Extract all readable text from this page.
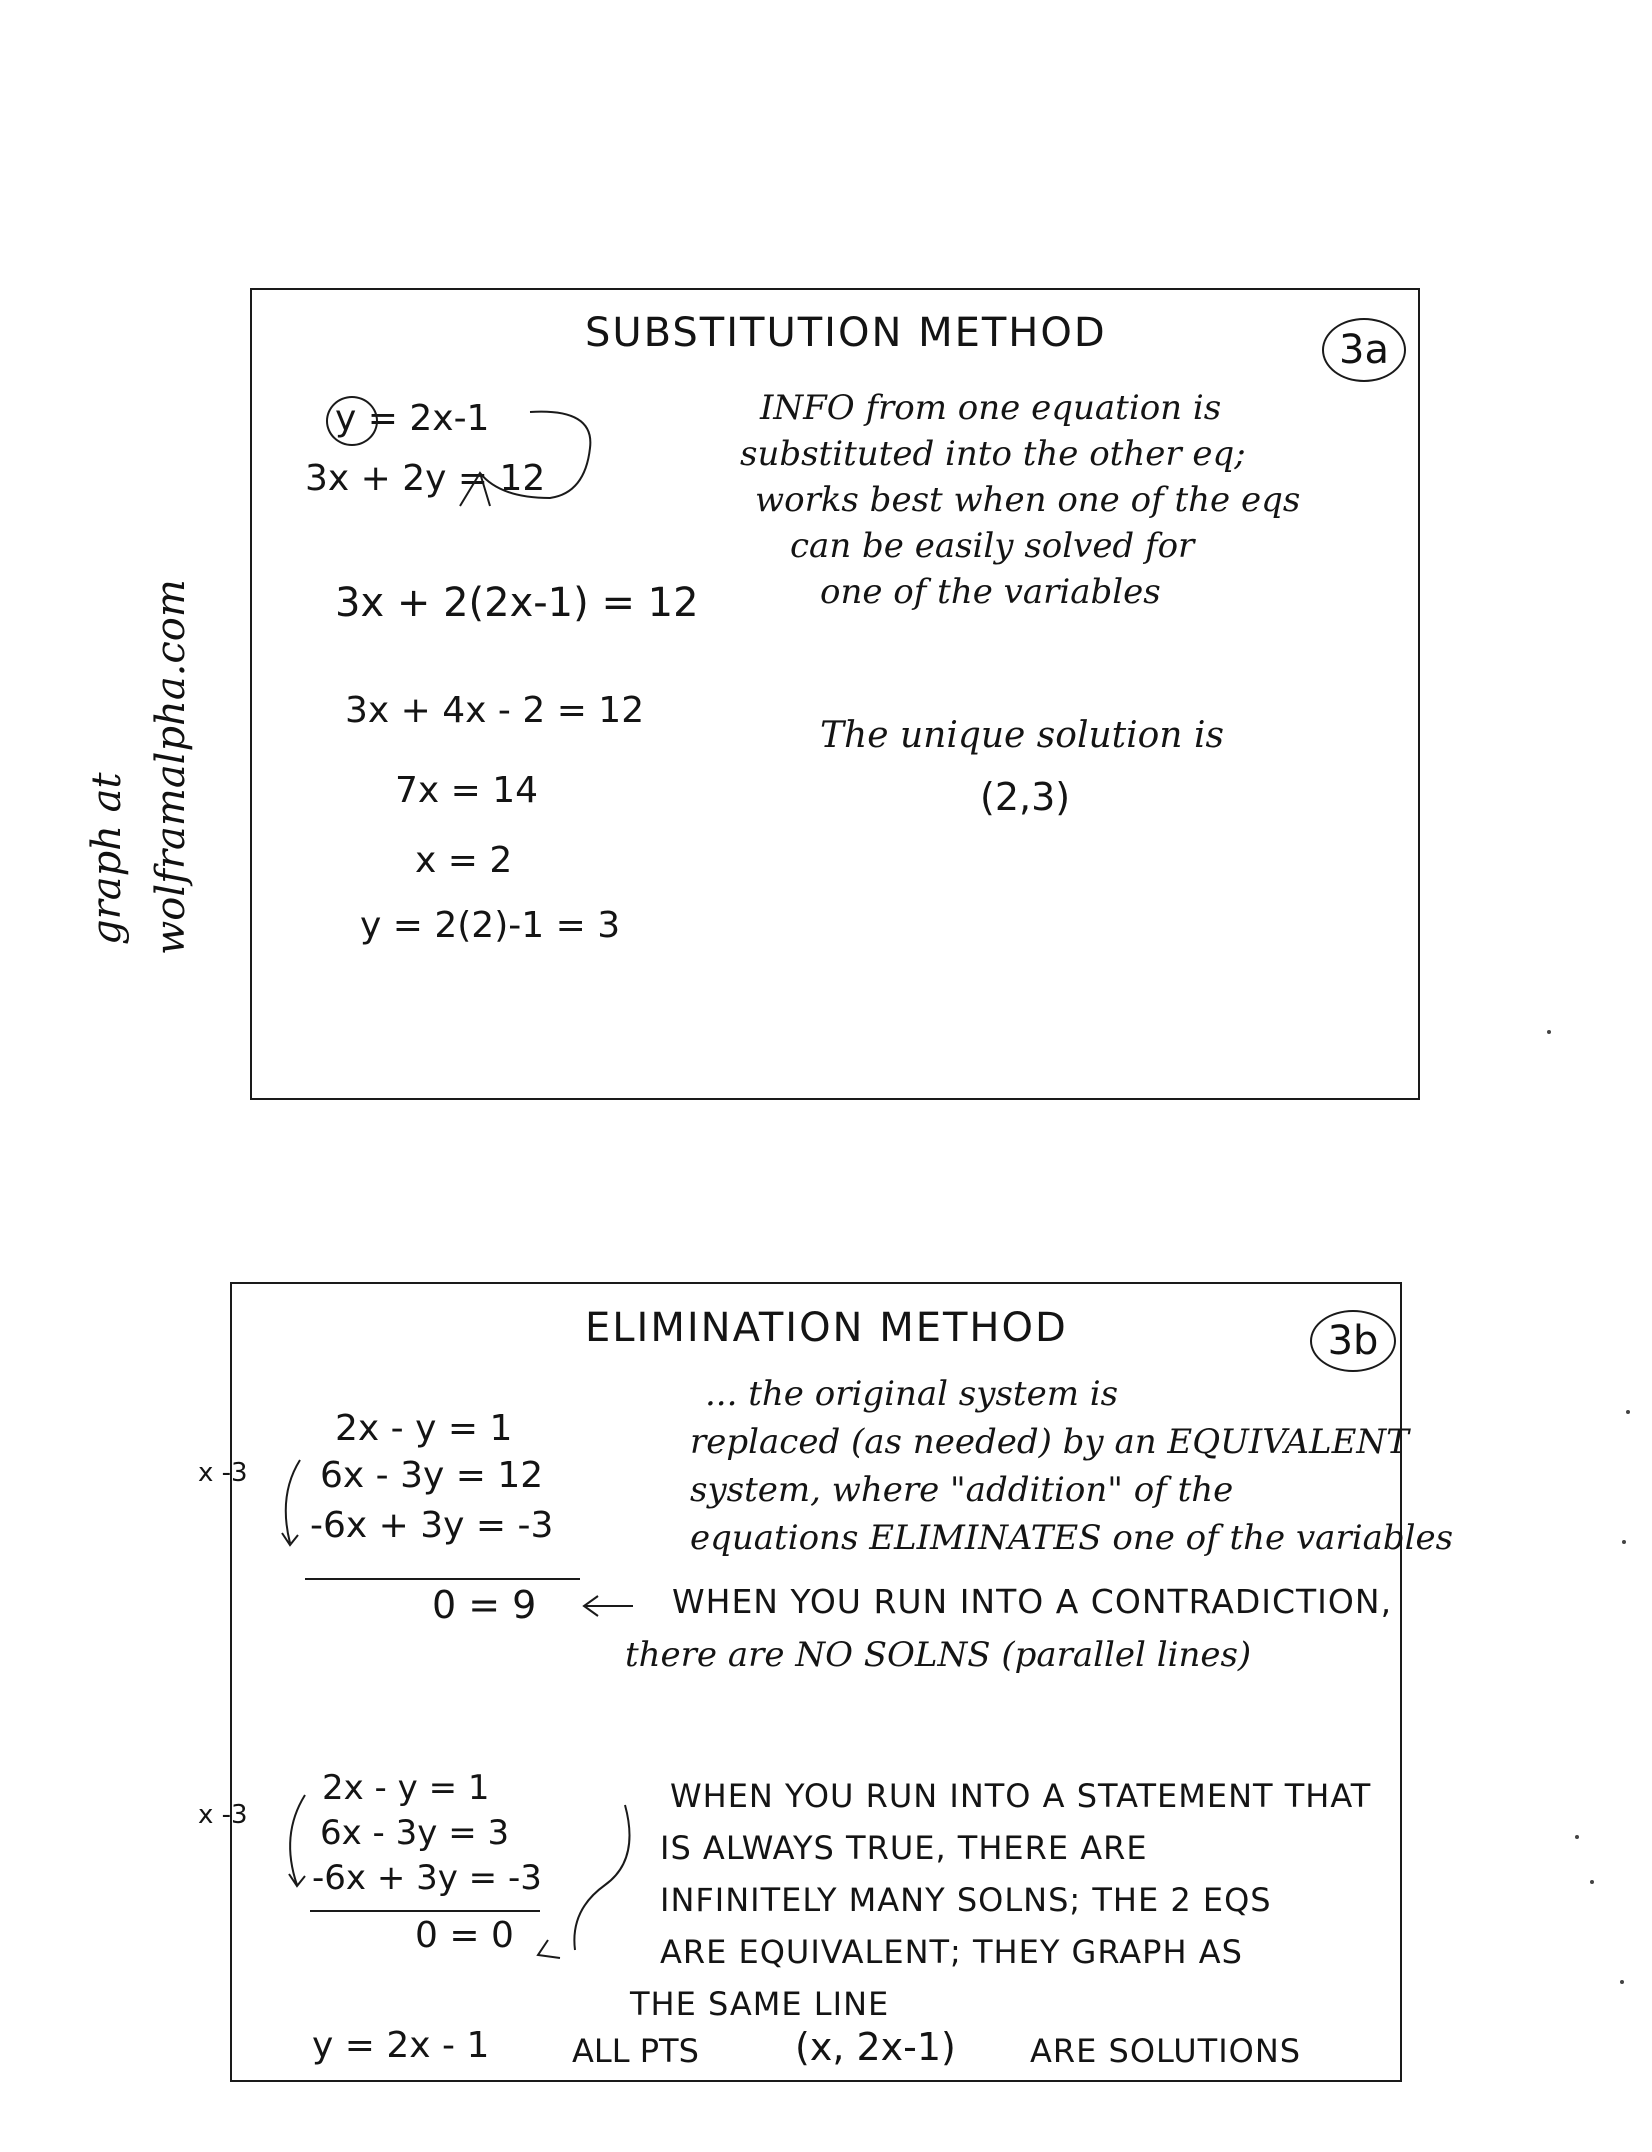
graph at wolframalpha.com
SUBSTITUTION METHOD	3a
y = 2x-1
3x + 2y = 12
INFO from one equation is
substituted into the other eq;
works best when one of the eqs
can be easily solved for
one of the variables
3x + 2(2x-1) = 12
3x + 4x - 2 = 12
7x = 14
x = 2
y = 2(2)-1 = 3
The unique solution is
(2,3)
ELIMINATION METHOD	3b
... the original system is
replaced (as needed) by an EQUIVALENT
system, where "addition" of the
equations ELIMINATES one of the variables
x -3
2x - y = 1
6x - 3y = 12
-6x + 3y = -3
0 = 9	WHEN YOU RUN INTO A CONTRADICTION,
there are NO SOLNS (parallel lines)
x -3
2x - y = 1
6x - 3y = 3
-6x + 3y = -3
0 = 0
WHEN YOU RUN INTO A STATEMENT THAT
IS ALWAYS TRUE, THERE ARE
INFINITELY MANY SOLNS; THE 2 EQS
ARE EQUIVALENT; THEY GRAPH AS
THE SAME LINE
y = 2x - 1	ALL PTS	(x, 2x-1) ARE SOLUTIONS
